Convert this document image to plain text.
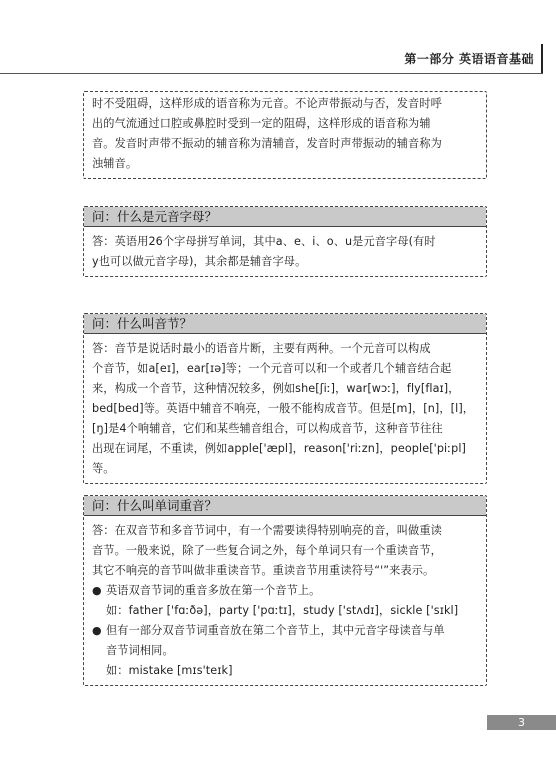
第一部分 英语语音基础

时不受阻碍，这样形成的语音称为元音。不论声带振动与否，发音时呼

出的气流通过口腔或鼻腔时受到一定的阻碍，这样形成的语音称为辅

音。发音时声带不振动的辅音称为清辅音，发音时声带振动的辅音称为

浊辅音。

问：什么是元音字母？

答：英语用26个字母拼写单词，其中a、e、i、o、u是元音字母(有时

y也可以做元音字母)，其余都是辅音字母。

问：什么叫音节？

答：音节是说话时最小的语音片断，主要有两种。一个元音可以构成

个音节，如a[eɪ]，ear[ɪə]等；一个元音可以和一个或者几个辅音结合起

来，构成一个音节，这种情况较多，例如she[ʃiː]，war[wɔː]，fly[flaɪ]，

bed[bed]等。英语中辅音不响亮，一般不能构成音节。但是[m]，[n]，[l]，

[ŋ]是4个响辅音，它们和某些辅音组合，可以构成音节，这种音节往往

出现在词尾，不重读，例如apple['æpl]，reason['riːzn]，people['piːpl]等。

问：什么叫单词重音？

答：在双音节和多音节词中，有一个需要读得特别响亮的音，叫做重读

音节。一般来说，除了一些复合词之外，每个单词只有一个重读音节，

其它不响亮的音节叫做非重读音节。重读音节用重读符号“'”来表示。

● 英语双音节词的重音多放在第一个音节上。

如：father ['fɑːðə]，party ['pɑːtɪ]，study ['stʌdɪ]，sickle ['sɪkl]

● 但有一部分双音节词重音放在第二个音节上，其中元音字母读音与单

音节词相同。

如：mistake [mɪs'teɪk]

3
